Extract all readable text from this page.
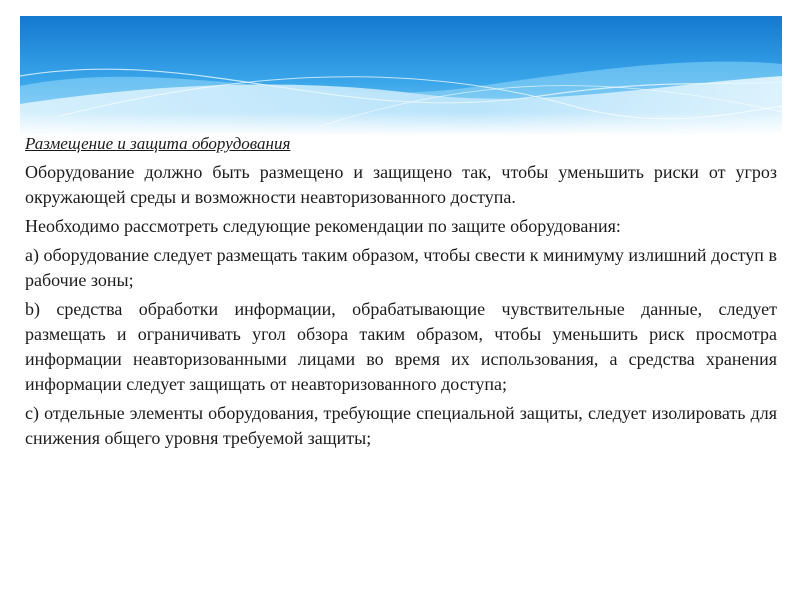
Размещение и защита оборудования

Оборудование должно быть размещено и защищено так, чтобы уменьшить риски от угроз окружающей среды и возможности неавторизованного доступа.

Необходимо рассмотреть следующие рекомендации по защите оборудования:

а) оборудование следует размещать таким образом, чтобы свести к минимуму излишний доступ в рабочие зоны;

b) средства обработки информации, обрабатывающие чувствительные данные, следует размещать и ограничивать угол обзора таким образом, чтобы уменьшить риск просмотра информации неавторизованными лицами во время их использования, а средства хранения информации следует защищать от неавторизованного доступа;

c) отдельные элементы оборудования, требующие специальной защиты, следует изолировать для снижения общего уровня требуемой защиты;
